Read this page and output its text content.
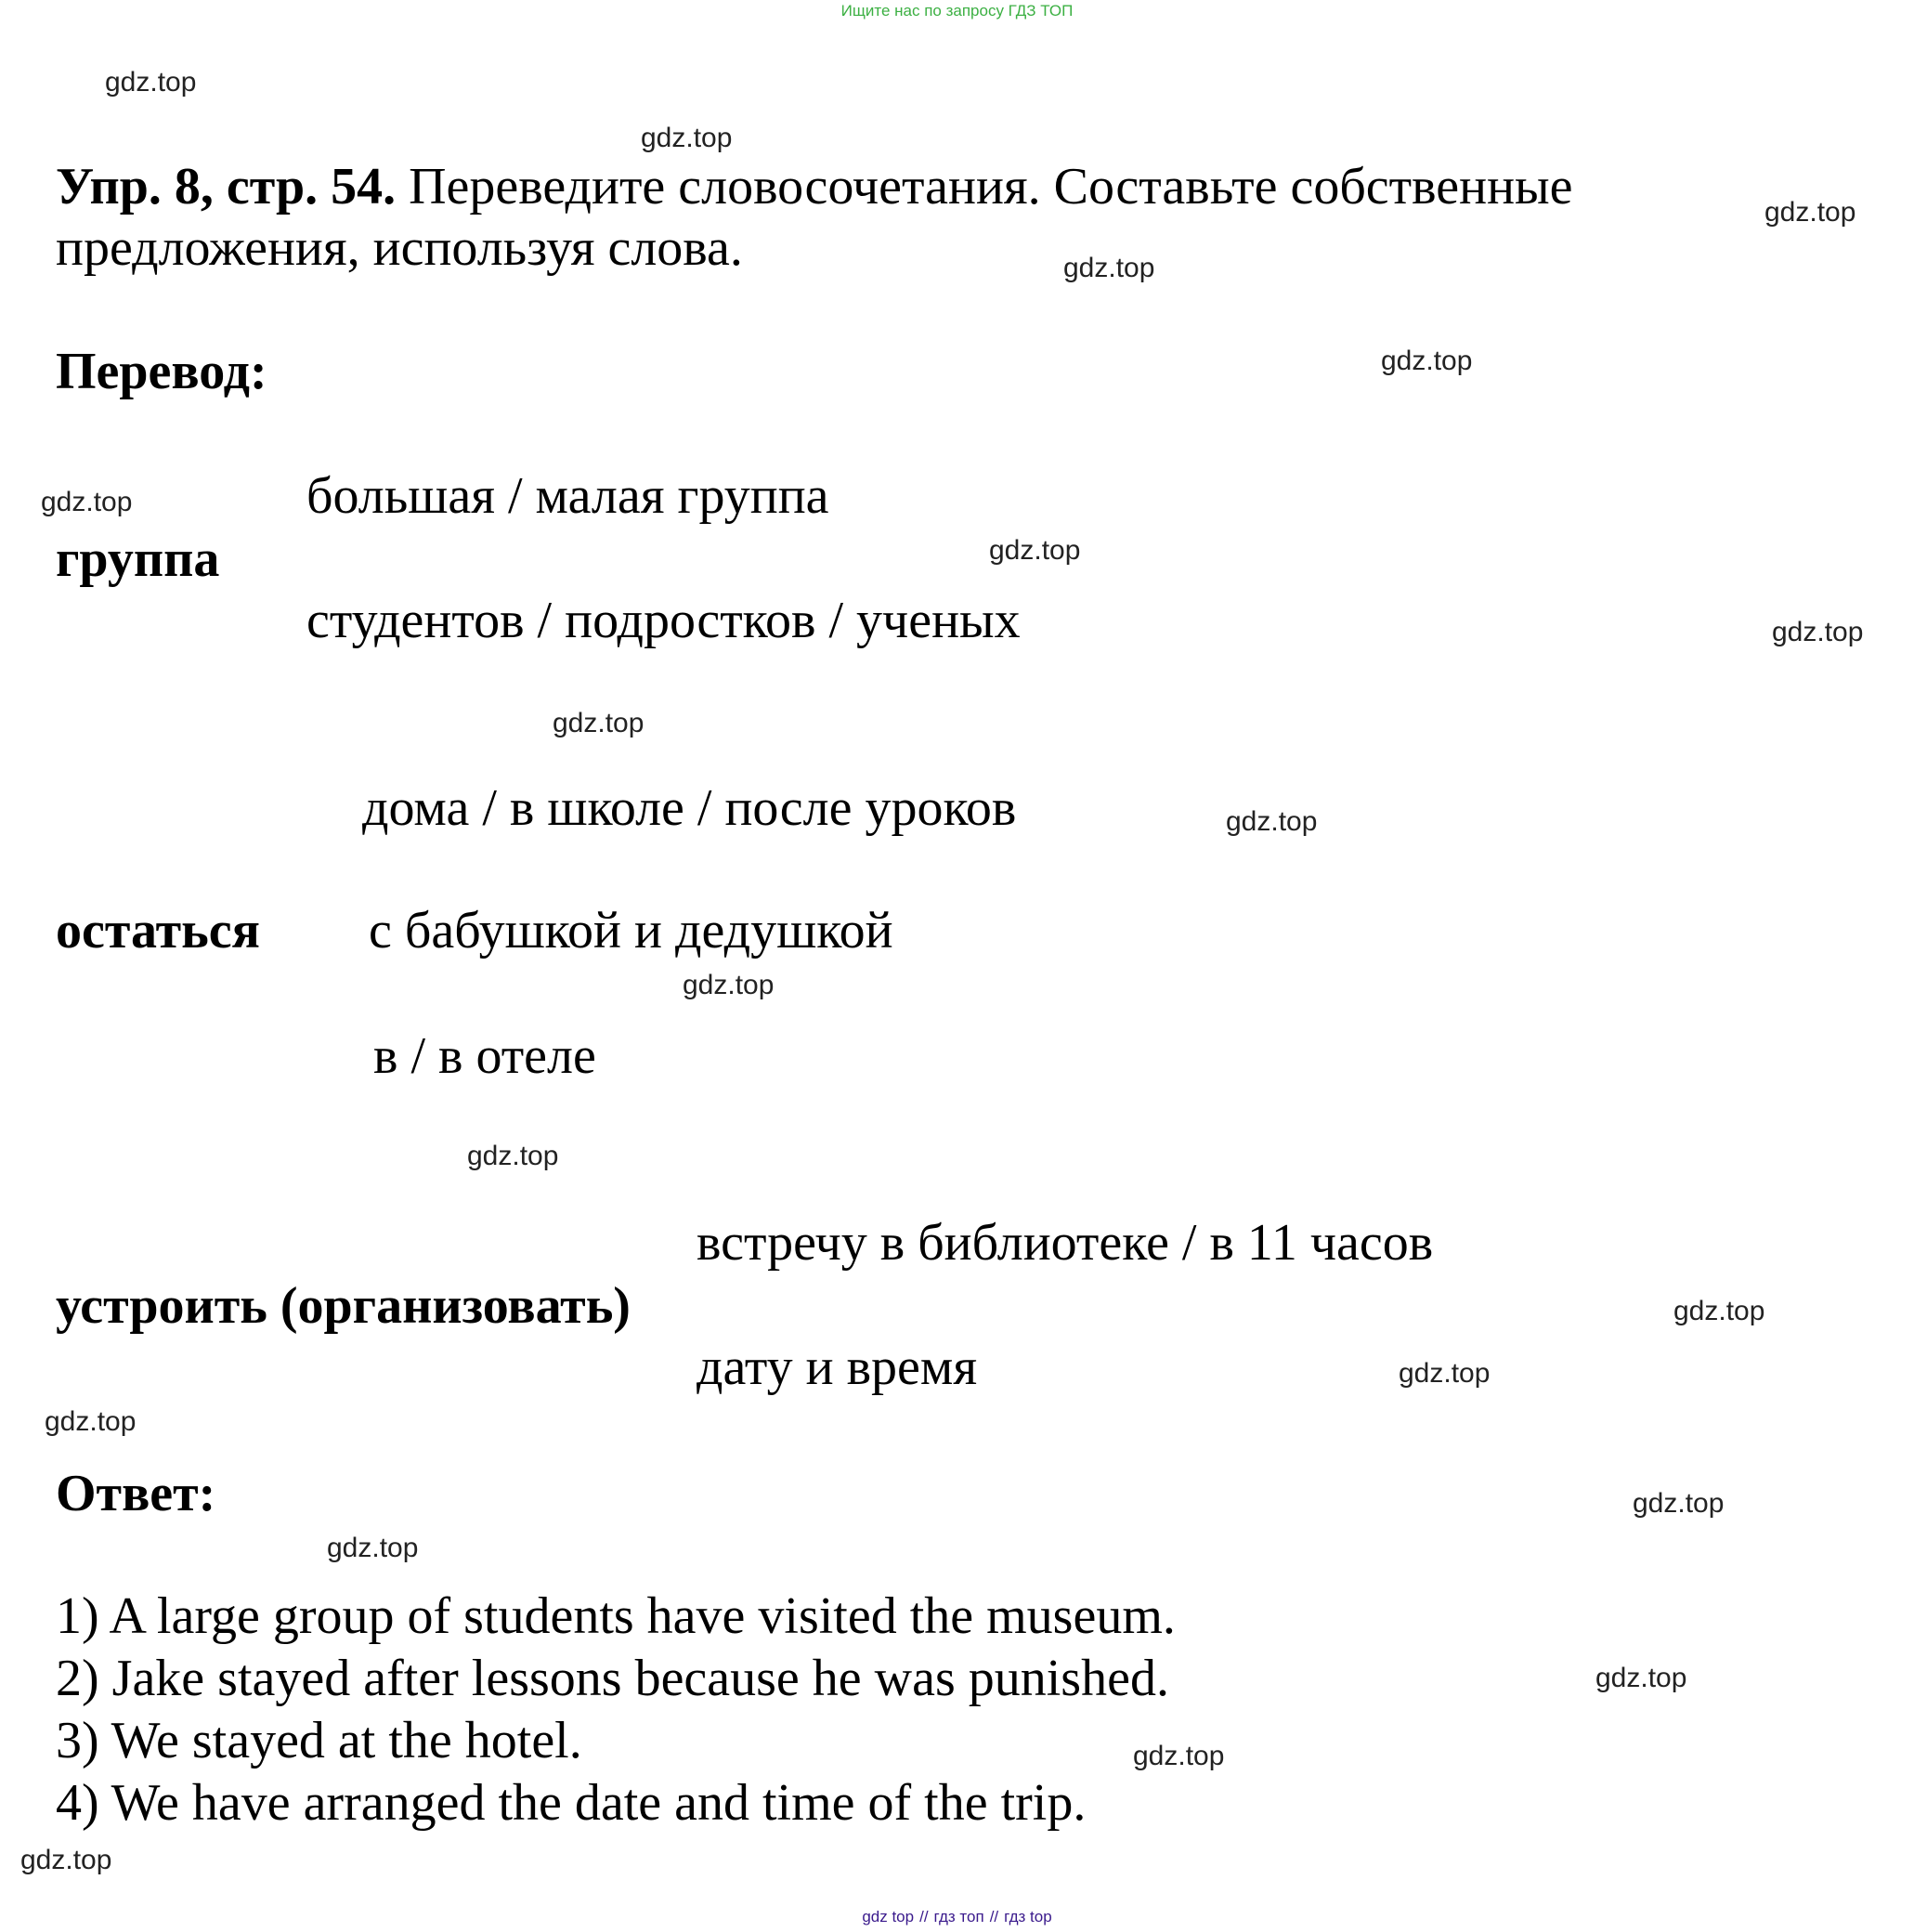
Ищите нас по запросу ГДЗ ТОП
gdz.top
gdz.top
gdz.top
gdz.top
gdz.top
gdz.top
gdz.top
gdz.top
gdz.top
gdz.top
gdz.top
gdz.top
gdz.top
gdz.top
gdz.top
gdz.top
gdz.top
gdz.top
gdz.top
gdz.top
Упр. 8, стр. 54. Переведите словосочетания. Составьте собственные предложения, используя слова.
Перевод:
большая / малая группа
группа
студентов / подростков / ученых
дома / в школе / после уроков
остаться с бабушкой и дедушкой
в / в отеле
встречу в библиотеке / в 11 часов
устроить (организовать)
дату и время
Ответ:
1) A large group of students have visited the museum.
2) Jake stayed after lessons because he was punished.
3) We stayed at the hotel.
4) We have arranged the date and time of the trip.
gdz top // гдз топ // гдз top
